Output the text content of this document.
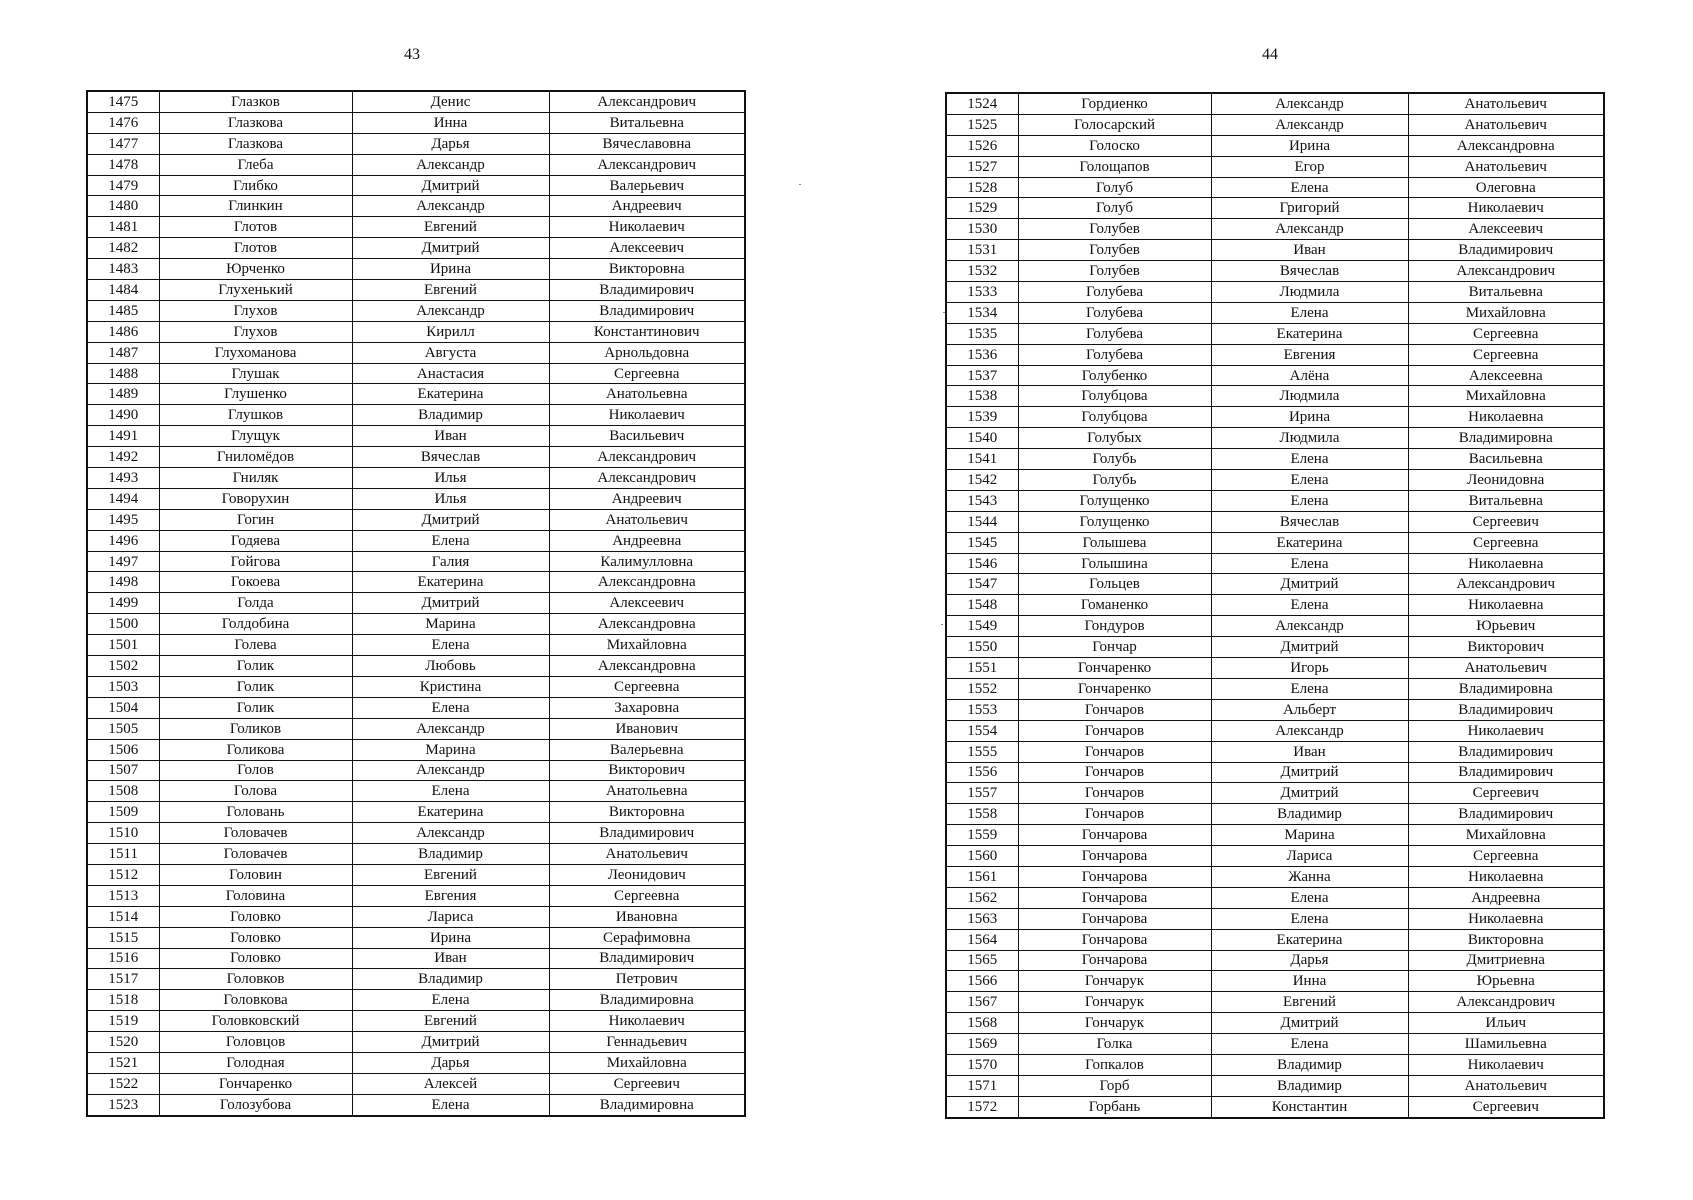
43
1475	Глазков	Денис	Александрович
1476	Глазкова	Инна	Витальевна
1477	Глазкова	Дарья	Вячеславовна
1478	Глеба	Александр	Александрович
1479	Глибко	Дмитрий	Валерьевич
1480	Глинкин	Александр	Андреевич
1481	Глотов	Евгений	Николаевич
1482	Глотов	Дмитрий	Алексеевич
1483	Юрченко	Ирина	Викторовна
1484	Глухенький	Евгений	Владимирович
1485	Глухов	Александр	Владимирович
1486	Глухов	Кирилл	Константинович
1487	Глухоманова	Августа	Арнольдовна
1488	Глушак	Анастасия	Сергеевна
1489	Глушенко	Екатерина	Анатольевна
1490	Глушков	Владимир	Николаевич
1491	Глущук	Иван	Васильевич
1492	Гниломёдов	Вячеслав	Александрович
1493	Гниляк	Илья	Александрович
1494	Говорухин	Илья	Андреевич
1495	Гогин	Дмитрий	Анатольевич
1496	Годяева	Елена	Андреевна
1497	Гойгова	Галия	Калимулловна
1498	Гокоева	Екатерина	Александровна
1499	Голда	Дмитрий	Алексеевич
1500	Голдобина	Марина	Александровна
1501	Голева	Елена	Михайловна
1502	Голик	Любовь	Александровна
1503	Голик	Кристина	Сергеевна
1504	Голик	Елена	Захаровна
1505	Голиков	Александр	Иванович
1506	Голикова	Марина	Валерьевна
1507	Голов	Александр	Викторович
1508	Голова	Елена	Анатольевна
1509	Головань	Екатерина	Викторовна
1510	Головачев	Александр	Владимирович
1511	Головачев	Владимир	Анатольевич
1512	Головин	Евгений	Леонидович
1513	Головина	Евгения	Сергеевна
1514	Головко	Лариса	Ивановна
1515	Головко	Ирина	Серафимовна
1516	Головко	Иван	Владимирович
1517	Головков	Владимир	Петрович
1518	Головкова	Елена	Владимировна
1519	Головковский	Евгений	Николаевич
1520	Головцов	Дмитрий	Геннадьевич
1521	Голодная	Дарья	Михайловна
1522	Гончаренко	Алексей	Сергеевич
1523	Голозубова	Елена	Владимировна
44
1524	Гордиенко	Александр	Анатольевич
1525	Голосарский	Александр	Анатольевич
1526	Голоско	Ирина	Александровна
1527	Голощапов	Егор	Анатольевич
1528	Голуб	Елена	Олеговна
1529	Голуб	Григорий	Николаевич
1530	Голубев	Александр	Алексеевич
1531	Голубев	Иван	Владимирович
1532	Голубев	Вячеслав	Александрович
1533	Голубева	Людмила	Витальевна
1534	Голубева	Елена	Михайловна
1535	Голубева	Екатерина	Сергеевна
1536	Голубева	Евгения	Сергеевна
1537	Голубенко	Алёна	Алексеевна
1538	Голубцова	Людмила	Михайловна
1539	Голубцова	Ирина	Николаевна
1540	Голубых	Людмила	Владимировна
1541	Голубь	Елена	Васильевна
1542	Голубь	Елена	Леонидовна
1543	Голущенко	Елена	Витальевна
1544	Голущенко	Вячеслав	Сергеевич
1545	Голышева	Екатерина	Сергеевна
1546	Голышина	Елена	Николаевна
1547	Гольцев	Дмитрий	Александрович
1548	Гоманенко	Елена	Николаевна
1549	Гондуров	Александр	Юрьевич
1550	Гончар	Дмитрий	Викторович
1551	Гончаренко	Игорь	Анатольевич
1552	Гончаренко	Елена	Владимировна
1553	Гончаров	Альберт	Владимирович
1554	Гончаров	Александр	Николаевич
1555	Гончаров	Иван	Владимирович
1556	Гончаров	Дмитрий	Владимирович
1557	Гончаров	Дмитрий	Сергеевич
1558	Гончаров	Владимир	Владимирович
1559	Гончарова	Марина	Михайловна
1560	Гончарова	Лариса	Сергеевна
1561	Гончарова	Жанна	Николаевна
1562	Гончарова	Елена	Андреевна
1563	Гончарова	Елена	Николаевна
1564	Гончарова	Екатерина	Викторовна
1565	Гончарова	Дарья	Дмитриевна
1566	Гончарук	Инна	Юрьевна
1567	Гончарук	Евгений	Александрович
1568	Гончарук	Дмитрий	Ильич
1569	Голка	Елена	Шамильевна
1570	Гопкалов	Владимир	Николаевич
1571	Горб	Владимир	Анатольевич
1572	Горбань	Константин	Сергеевич
